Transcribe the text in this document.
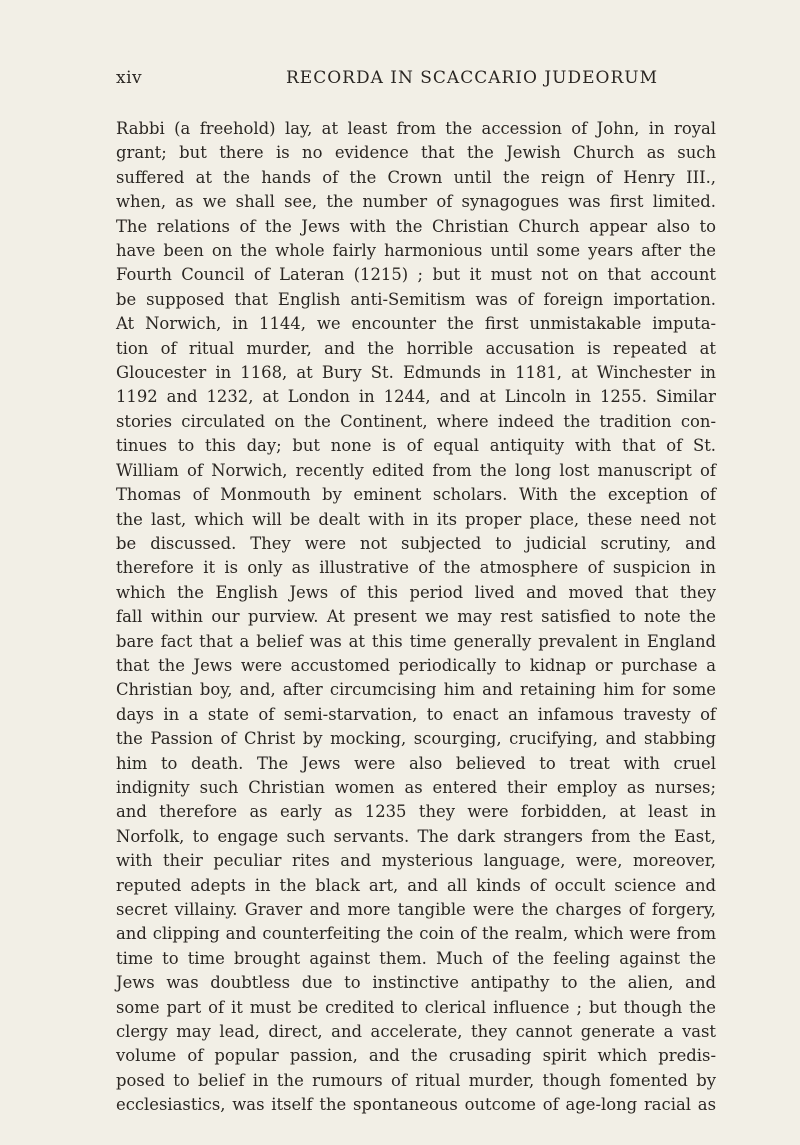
xiv	RECORDA IN SCACCARIO JUDEORUM
Rabbi (a freehold) lay, at least from the accession of John, in royal
grant; but there is no evidence that the Jewish Church as such
suffered at the hands of the Crown until the reign of Henry III.,
when, as we shall see, the number of synagogues was first limited.
The relations of the Jews with the Christian Church appear also to
have been on the whole fairly harmonious until some years after the
Fourth Council of Lateran (1215) ; but it must not on that account
be supposed that English anti-Semitism was of foreign importation.
At Norwich, in 1144, we encounter the first unmistakable imputa-
tion of ritual murder, and the horrible accusation is repeated at
Gloucester in 1168, at Bury St. Edmunds in 1181, at Winchester in
1192 and 1232, at London in 1244, and at Lincoln in 1255. Similar
stories circulated on the Continent, where indeed the tradition con-
tinues to this day; but none is of equal antiquity with that of St.
William of Norwich, recently edited from the long lost manuscript of
Thomas of Monmouth by eminent scholars. With the exception of
the last, which will be dealt with in its proper place, these need not
be discussed. They were not subjected to judicial scrutiny, and
therefore it is only as illustrative of the atmosphere of suspicion in
which the English Jews of this period lived and moved that they
fall within our purview. At present we may rest satisfied to note the
bare fact that a belief was at this time generally prevalent in England
that the Jews were accustomed periodically to kidnap or purchase a
Christian boy, and, after circumcising him and retaining him for some
days in a state of semi-starvation, to enact an infamous travesty of
the Passion of Christ by mocking, scourging, crucifying, and stabbing
him to death. The Jews were also believed to treat with cruel
indignity such Christian women as entered their employ as nurses;
and therefore as early as 1235 they were forbidden, at least in
Norfolk, to engage such servants. The dark strangers from the East,
with their peculiar rites and mysterious language, were, moreover,
reputed adepts in the black art, and all kinds of occult science and
secret villainy. Graver and more tangible were the charges of forgery,
and clipping and counterfeiting the coin of the realm, which were from
time to time brought against them. Much of the feeling against the
Jews was doubtless due to instinctive antipathy to the alien, and
some part of it must be credited to clerical influence ; but though the
clergy may lead, direct, and accelerate, they cannot generate a vast
volume of popular passion, and the crusading spirit which predis-
posed to belief in the rumours of ritual murder, though fomented by
ecclesiastics, was itself the spontaneous outcome of age-long racial as
